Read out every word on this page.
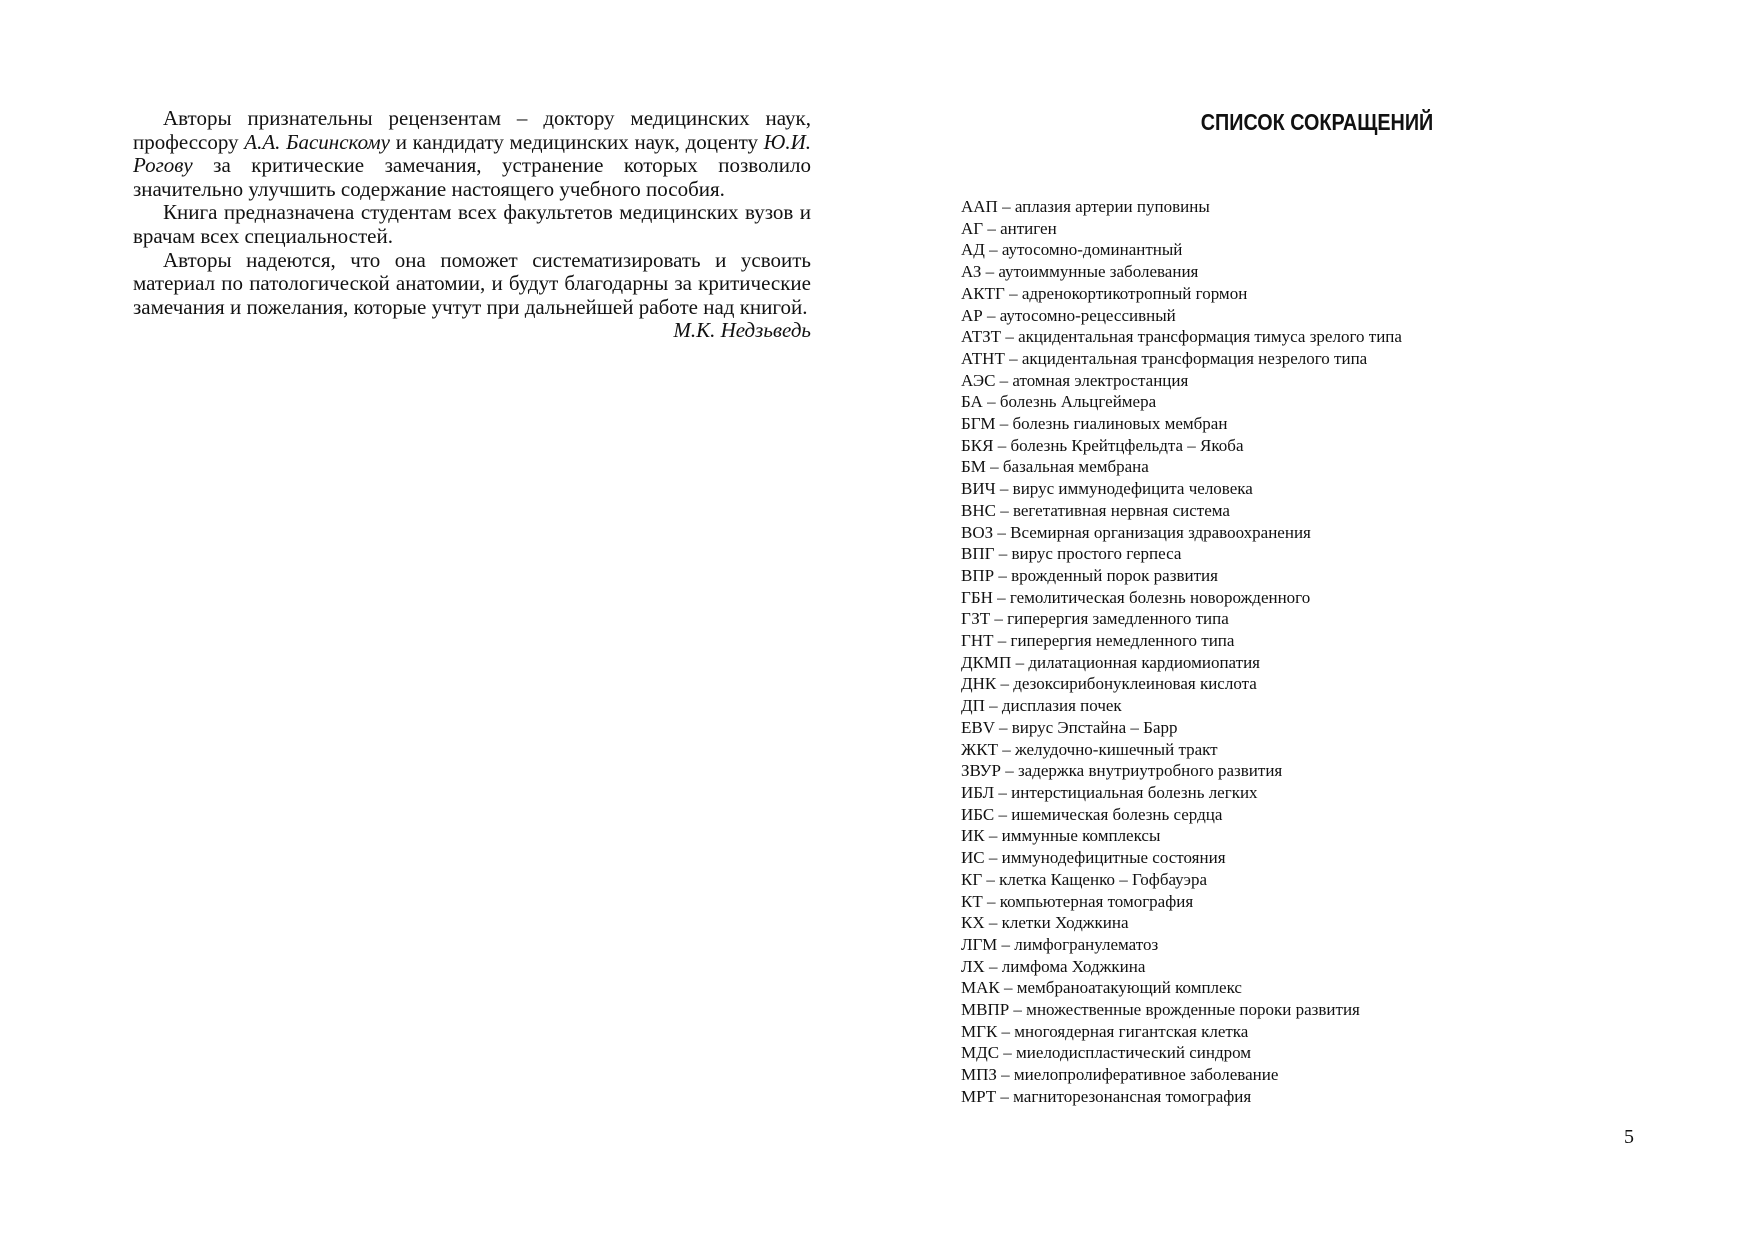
Авторы признательны рецензентам – доктору медицинских наук, профессору А.А. Басинскому и кандидату медицинских наук, доценту Ю.И. Рогову за критические замечания, устранение которых позволило значительно улучшить содержание настоящего учебного пособия.

Книга предназначена студентам всех факультетов медицинских вузов и врачам всех специальностей.

Авторы надеются, что она поможет систематизировать и усвоить материал по патологической анатомии, и будут благодарны за критические замечания и пожелания, которые учтут при дальнейшей работе над книгой.

М.К. Недзьведь

СПИСОК СОКРАЩЕНИЙ
ААП – аплазия артерии пуповины
АГ – антиген
АД – аутосомно-доминантный
АЗ – аутоиммунные заболевания
АКТГ – адренокортикотропный гормон
АР – аутосомно-рецессивный
АТЗТ – акцидентальная трансформация тимуса зрелого типа
АТНТ – акцидентальная трансформация незрелого типа
АЭС – атомная электростанция
БА – болезнь Альцгеймера
БГМ – болезнь гиалиновых мембран
БКЯ – болезнь Крейтцфельдта – Якоба
БМ – базальная мембрана
ВИЧ – вирус иммунодефицита человека
ВНС – вегетативная нервная система
ВОЗ – Всемирная организация здравоохранения
ВПГ – вирус простого герпеса
ВПР – врожденный порок развития
ГБН – гемолитическая болезнь новорожденного
ГЗТ – гиперергия замедленного типа
ГНТ – гиперергия немедленного типа
ДКМП – дилатационная кардиомиопатия
ДНК – дезоксирибонуклеиновая кислота
ДП – дисплазия почек
EBV – вирус Эпстайна – Барр
ЖКТ – желудочно-кишечный тракт
ЗВУР – задержка внутриутробного развития
ИБЛ – интерстициальная болезнь легких
ИБС – ишемическая болезнь сердца
ИК – иммунные комплексы
ИС – иммунодефицитные состояния
КГ – клетка Кащенко – Гофбауэра
КТ – компьютерная томография
КХ – клетки Ходжкина
ЛГМ – лимфогранулематоз
ЛХ – лимфома Ходжкина
МАК – мембраноатакующий комплекс
МВПР – множественные врожденные пороки развития
МГК – многоядерная гигантская клетка
МДС – миелодиспластический синдром
МПЗ – миелопролиферативное заболевание
МРТ – магниторезонансная томография
5
